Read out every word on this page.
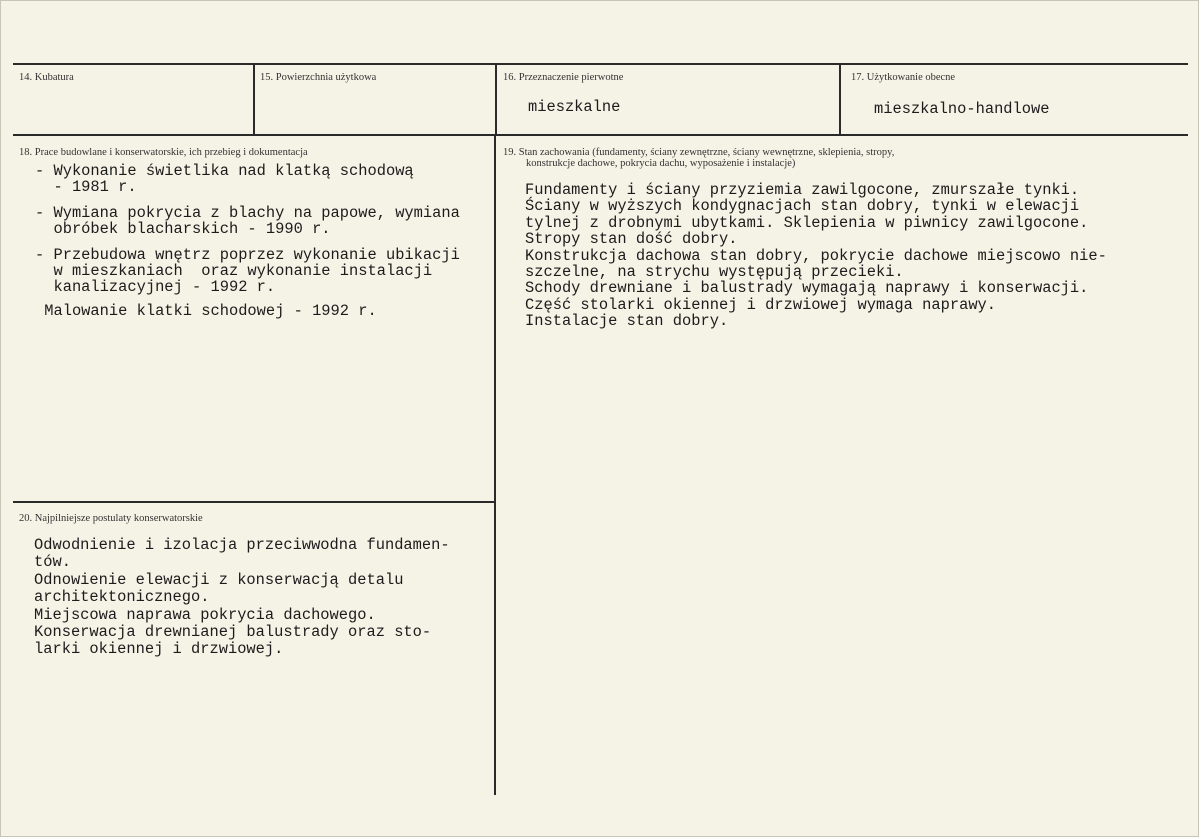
14. Kubatura	15. Powierzchnia użytkowa	16. Przeznaczenie pierwotne
mieszkalne
17. Użytkowanie obecne
mieszkalno-handlowe
18. Prace budowlane i konserwatorskie, ich przebieg i dokumentacja
- Wykonanie świetlika nad klatką schodową
- 1981 r.
- Wymiana pokrycia z blachy na papowe, wymiana
obróbek blacharskich - 1990 r.
- Przebudowa wnętrz poprzez wykonanie ubikacji
w mieszkaniach  oraz wykonanie instalacji
kanalizacyjnej - 1992 r.
Malowanie klatki schodowej - 1992 r.
19. Stan zachowania (fundamenty, ściany zewnętrzne, ściany wewnętrzne, sklepienia, stropy,
konstrukcje dachowe, pokrycia dachu, wyposażenie i instalacje)
Fundamenty i ściany przyziemia zawilgocone, zmurszałe tynki.
Ściany w wyższych kondygnacjach stan dobry, tynki w elewacji
tylnej z drobnymi ubytkami. Sklepienia w piwnicy zawilgocone.
Stropy stan dość dobry.
Konstrukcja dachowa stan dobry, pokrycie dachowe miejscowo nie-
szczelne, na strychu występują przecieki.
Schody drewniane i balustrady wymagają naprawy i konserwacji.
Część stolarki okiennej i drzwiowej wymaga naprawy.
Instalacje stan dobry.
20. Najpilniejsze postulaty konserwatorskie
Odwodnienie i izolacja przeciwwodna fundamen-
tów.
Odnowienie elewacji z konserwacją detalu
architektonicznego.
Miejscowa naprawa pokrycia dachowego.
Konserwacja drewnianej balustrady oraz sto-
larki okiennej i drzwiowej.
